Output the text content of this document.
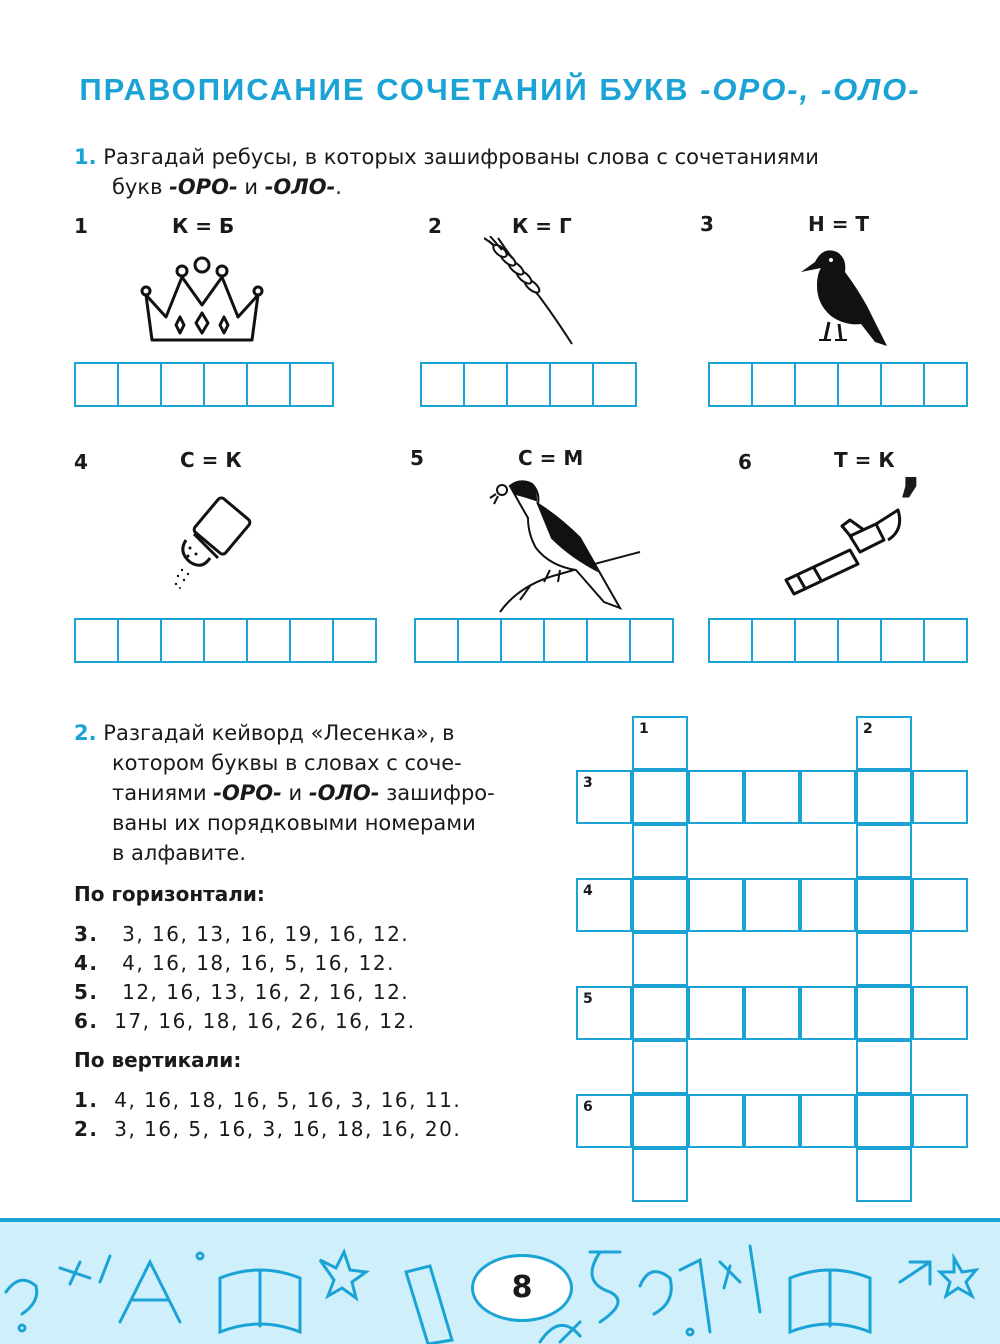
ПРАВОПИСАНИЕ СОЧЕТАНИЙ БУКВ -ОРО-, -ОЛО-
1. Разгадай ребусы, в которых зашифрованы слова с сочетаниями
букв -ОРО- и -ОЛО-.
1	К = Б	2	К = Г	3	Н = Т
4	С = К	5	С = М	6	Т = К
’

2. Разгадай кейворд «Лесенка», в

котором буквы в словах с соче-

таниями -ОРО- и -ОЛО- зашифро-

ваны их порядковыми номерами

в алфавите.

По горизонтали:
3. 3, 16, 13, 16, 19, 16, 12.
4. 4, 16, 18, 16, 5, 16, 12.
5. 12, 16, 13, 16, 2, 16, 12.
6. 17, 16, 18, 16, 26, 16, 12.
По вертикали:
1. 4, 16, 18, 16, 5, 16, 3, 16, 11.
2. 3, 16, 5, 16, 3, 16, 18, 16, 20.
1	2
3
4
5
6
8
